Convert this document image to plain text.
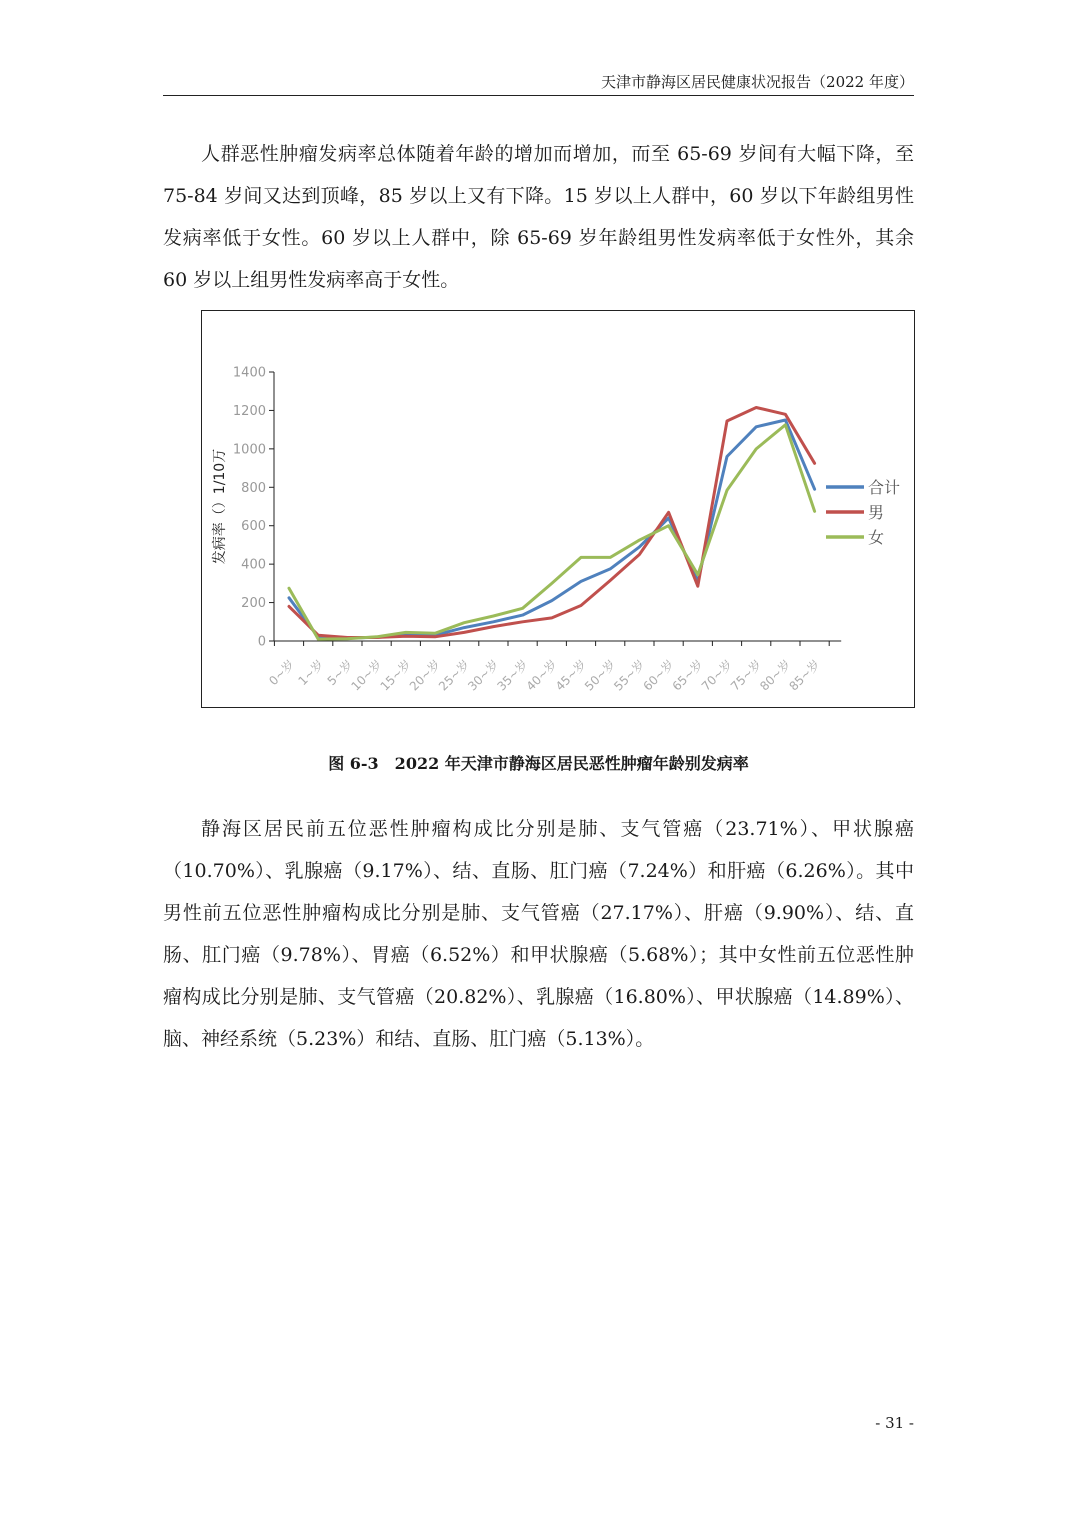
天津市静海区居民健康状况报告（2022 年度）

人群恶性肿瘤发病率总体随着年龄的增加而增加，而至 65-69 岁间有大幅下降，至 75-84 岁间又达到顶峰，85 岁以上又有下降。15 岁以上人群中，60 岁以下年龄组男性发病率低于女性。60 岁以上人群中，除 65-69 岁年龄组男性发病率低于女性外，其余 60 岁以上组男性发病率高于女性。

0
200
400
600
800
1000
1200
1400
0~岁
1~岁
5~岁
10~岁
15~岁
20~岁
25~岁
30~岁
35~岁
40~岁
45~岁
50~岁
55~岁
60~岁
65~岁
70~岁
75~岁
80~岁
85~岁
发病率（）1/10万	合计
男
女
图 6-3　2022 年天津市静海区居民恶性肿瘤年龄别发病率

静海区居民前五位恶性肿瘤构成比分别是肺、支气管癌（23.71%）、甲状腺癌（10.70%）、乳腺癌（9.17%）、结、直肠、肛门癌（7.24%）和肝癌（6.26%）。其中男性前五位恶性肿瘤构成比分别是肺、支气管癌（27.17%）、肝癌（9.90%）、结、直肠、肛门癌（9.78%）、胃癌（6.52%）和甲状腺癌（5.68%）；其中女性前五位恶性肿瘤构成比分别是肺、支气管癌（20.82%）、乳腺癌（16.80%）、甲状腺癌（14.89%）、脑、神经系统（5.23%）和结、直肠、肛门癌（5.13%）。

- 31 -
